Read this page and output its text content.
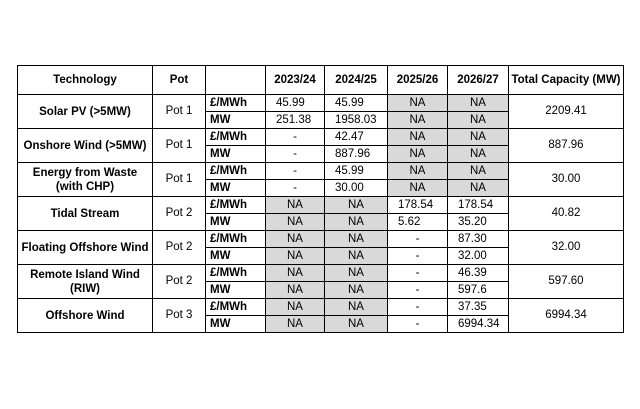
Technology	Pot		2023/24	2024/25	2025/26	2026/27	Total Capacity (MW)
Solar PV (>5MW)	Pot 1	£/MWh	45.99	45.99	NA	NA	2209.41
		MW	251.38	1958.03	NA	NA	
Onshore Wind (>5MW)	Pot 1	£/MWh	-	42.47	NA	NA	887.96
		MW	-	887.96	NA	NA	
Energy from Waste (with CHP)	Pot 1	£/MWh	-	45.99	NA	NA	30.00
		MW	-	30.00	NA	NA	
Tidal Stream	Pot 2	£/MWh	NA	NA	178.54	178.54	40.82
		MW	NA	NA	5.62	35.20	
Floating Offshore Wind	Pot 2	£/MWh	NA	NA	-	87.30	32.00
		MW	NA	NA	-	32.00	
Remote Island Wind (RIW)	Pot 2	£/MWh	NA	NA	-	46.39	597.60
		MW	NA	NA	-	597.6	
Offshore Wind	Pot 3	£/MWh	NA	NA	-	37.35	6994.34
		MW	NA	NA	-	6994.34	
